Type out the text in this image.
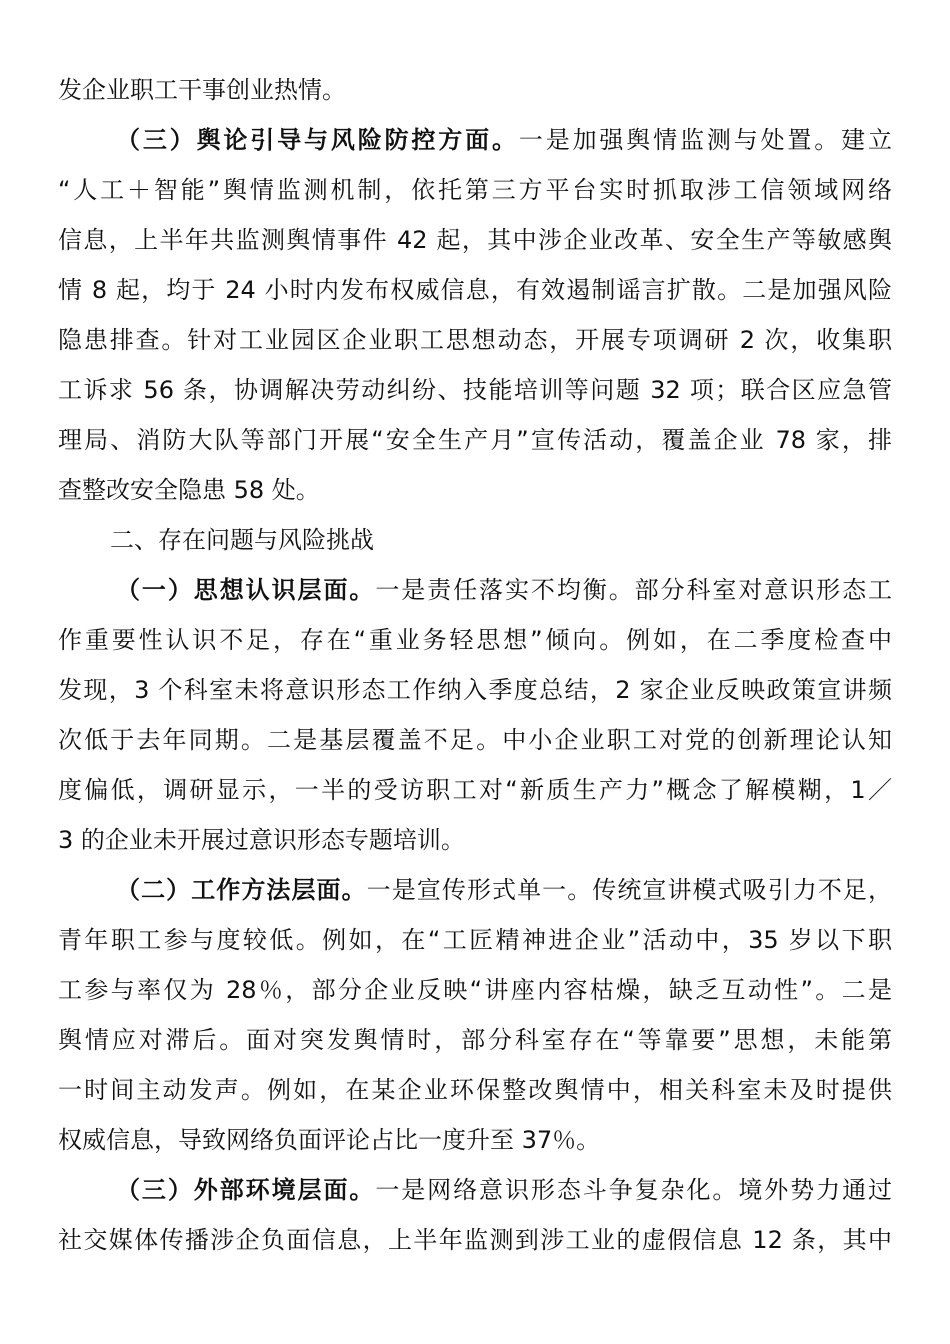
发企业职工干事创业热情。
（三）舆论引导与风险防控方面。一是加强舆情监测与处置。建立
“人工＋智能”舆情监测机制，依托第三方平台实时抓取涉工信领域网络
信息，上半年共监测舆情事件 42 起，其中涉企业改革、安全生产等敏感舆
情 8 起，均于 24 小时内发布权威信息，有效遏制谣言扩散。二是加强风险
隐患排查。针对工业园区企业职工思想动态，开展专项调研 2 次，收集职
工诉求 56 条，协调解决劳动纠纷、技能培训等问题 32 项；联合区应急管
理局、消防大队等部门开展“安全生产月”宣传活动，覆盖企业 78 家，排
查整改安全隐患 58 处。
二、存在问题与风险挑战
（一）思想认识层面。一是责任落实不均衡。部分科室对意识形态工
作重要性认识不足，存在“重业务轻思想”倾向。例如，在二季度检查中
发现，3 个科室未将意识形态工作纳入季度总结，2 家企业反映政策宣讲频
次低于去年同期。二是基层覆盖不足。中小企业职工对党的创新理论认知
度偏低，调研显示，一半的受访职工对“新质生产力”概念了解模糊，1／
3 的企业未开展过意识形态专题培训。
（二）工作方法层面。一是宣传形式单一。传统宣讲模式吸引力不足，
青年职工参与度较低。例如，在“工匠精神进企业”活动中，35 岁以下职
工参与率仅为 28％，部分企业反映“讲座内容枯燥，缺乏互动性”。二是
舆情应对滞后。面对突发舆情时，部分科室存在“等靠要”思想，未能第
一时间主动发声。例如，在某企业环保整改舆情中，相关科室未及时提供
权威信息，导致网络负面评论占比一度升至 37％。
（三）外部环境层面。一是网络意识形态斗争复杂化。境外势力通过
社交媒体传播涉企负面信息，上半年监测到涉工业的虚假信息 12 条，其中
